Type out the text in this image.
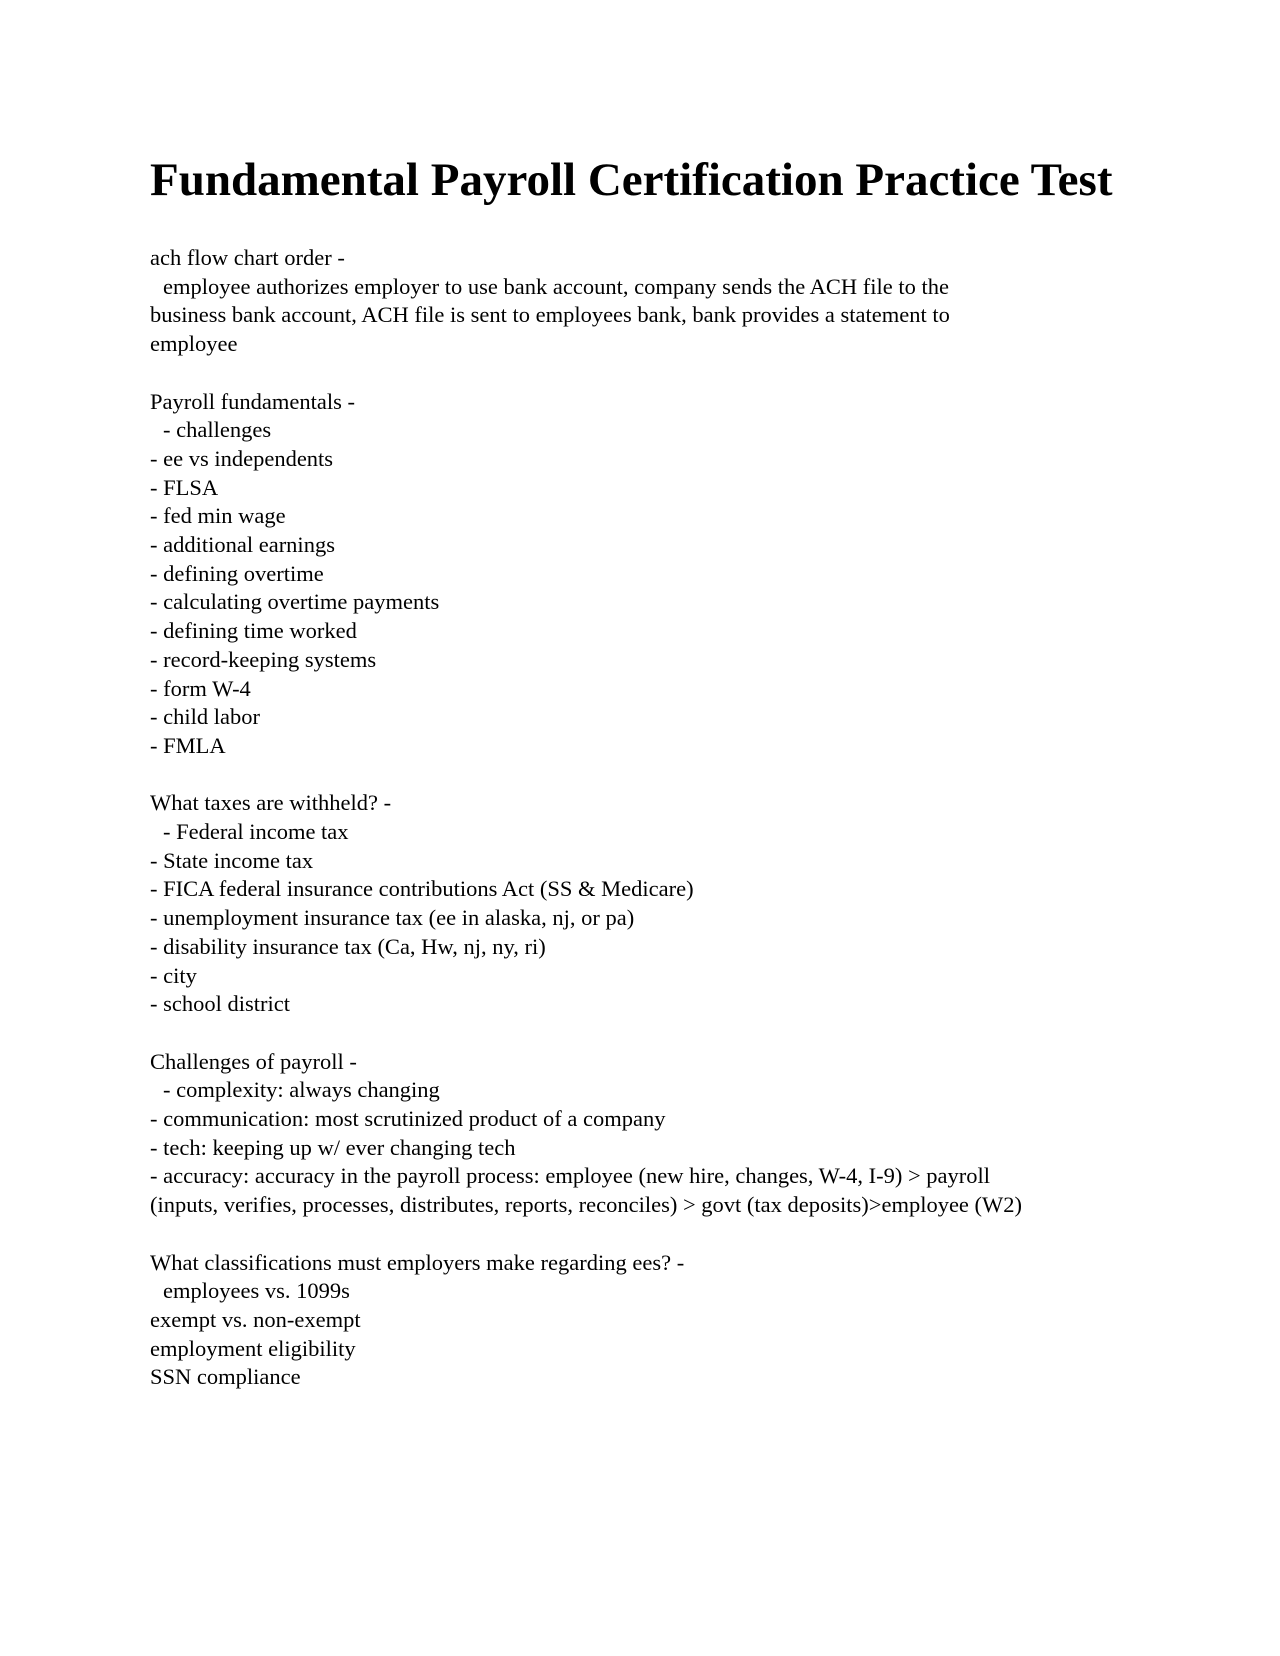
Fundamental Payroll Certification Practice Test
ach flow chart order -
employee authorizes employer to use bank account, company sends the ACH file to the
business bank account, ACH file is sent to employees bank, bank provides a statement to
employee
Payroll fundamentals -
- challenges
- ee vs independents
- FLSA
- fed min wage
- additional earnings
- defining overtime
- calculating overtime payments
- defining time worked
- record-keeping systems
- form W-4
- child labor
- FMLA
What taxes are withheld? -
- Federal income tax
- State income tax
- FICA federal insurance contributions Act (SS & Medicare)
- unemployment insurance tax (ee in alaska, nj, or pa)
- disability insurance tax (Ca, Hw, nj, ny, ri)
- city
- school district
Challenges of payroll -
- complexity: always changing
- communication: most scrutinized product of a company
- tech: keeping up w/ ever changing tech
- accuracy: accuracy in the payroll process: employee (new hire, changes, W-4, I-9) > payroll
(inputs, verifies, processes, distributes, reports, reconciles) > govt (tax deposits)>employee (W2)
What classifications must employers make regarding ees? -
employees vs. 1099s
exempt vs. non-exempt
employment eligibility
SSN compliance
